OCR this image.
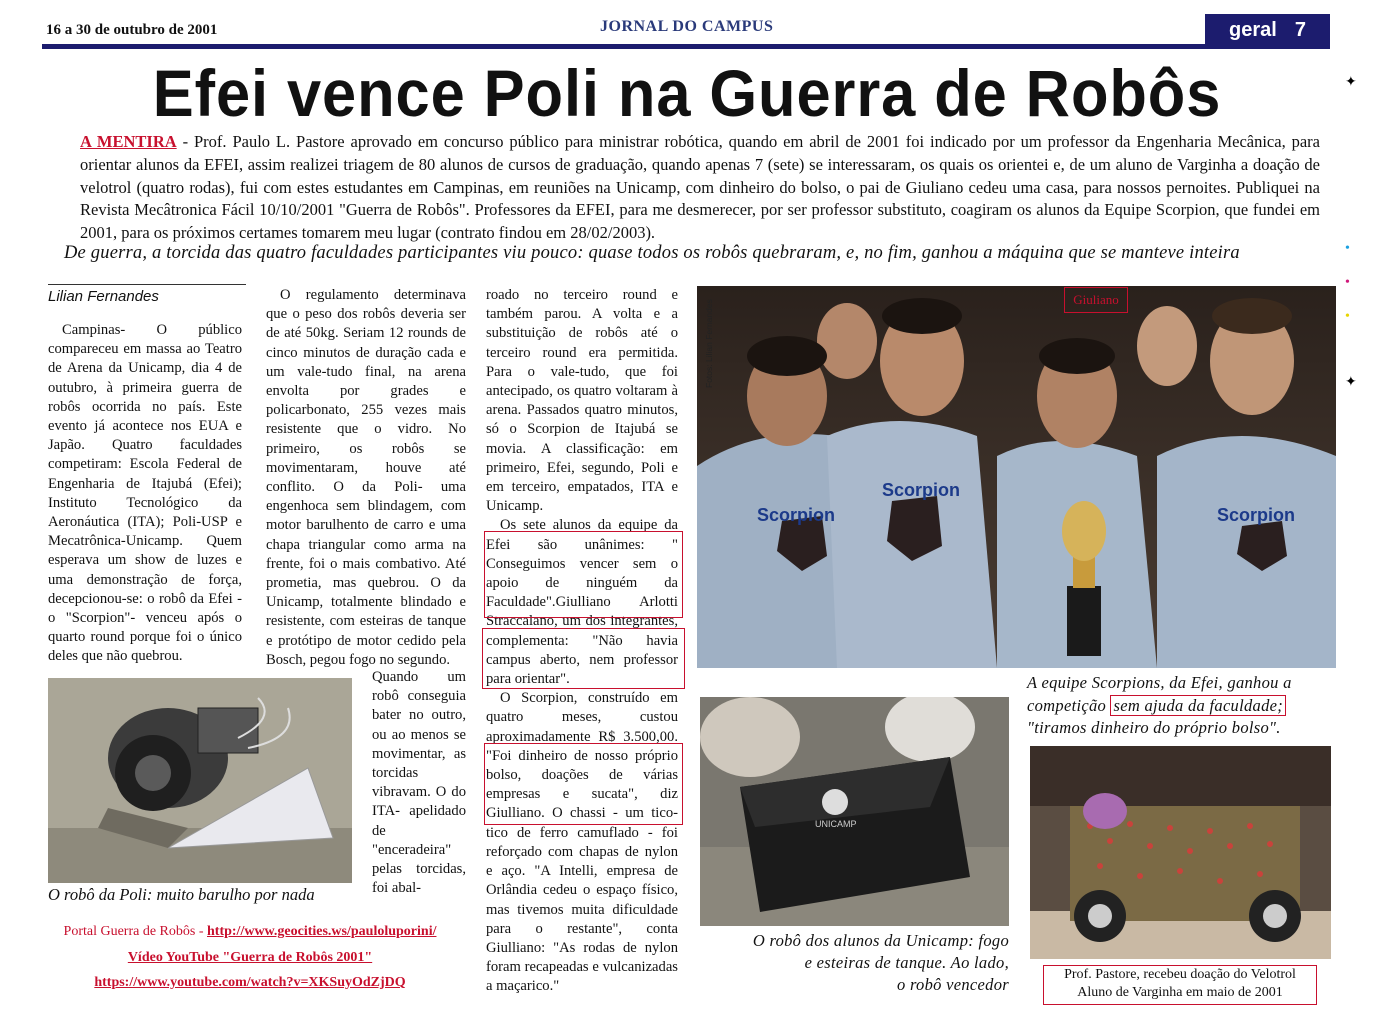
16 a 30 de outubro de 2001	JORNAL DO CAMPUS	geral 7
Efei vence Poli na Guerra de Robôs
A MENTIRA - Prof. Paulo L. Pastore aprovado em concurso público para ministrar robótica, quando em abril de 2001 foi indicado por um professor da Engenharia Mecânica, para orientar alunos da EFEI, assim realizei triagem de 80 alunos de cursos de graduação, quando apenas 7 (sete) se interessaram, os quais os orientei e, de um aluno de Varginha a doação de velotrol (quatro rodas), fui com estes estudantes em Campinas, em reuniões na Unicamp, com dinheiro do bolso, o pai de Giuliano cedeu uma casa, para nossos pernoites. Publiquei na Revista Mecâtronica Fácil 10/10/2001 "Guerra de Robôs". Professores da EFEI, para me desmerecer, por ser professor substituto, coagiram os alunos da Equipe Scorpion, que fundei em 2001, para os próximos certames tomarem meu lugar (contrato findou em 28/02/2003).
De guerra, a torcida das quatro faculdades participantes viu pouco: quase todos os robôs quebraram, e, no fim, ganhou a máquina que se manteve inteira
Lilian Fernandes
Campinas- O público compareceu em massa ao Teatro de Arena da Unicamp, dia 4 de outubro, à primeira guerra de robôs ocorrida no país. Este evento já acontece nos EUA e Japão. Quatro faculdades competiram: Escola Federal de Engenharia de Itajubá (Efei); Instituto Tecnológico da Aeronáutica (ITA); Poli-USP e Mecatrônica-Unicamp. Quem esperava um show de luzes e uma demonstração de força, decepcionou-se: o robô da Efei - o "Scorpion"- venceu após o quarto round porque foi o único deles que não quebrou.
O regulamento determinava que o peso dos robôs deveria ser de até 50kg. Seriam 12 rounds de cinco minutos de duração cada e um vale-tudo final, na arena envolta por grades e policarbonato, 255 vezes mais resistente que o vidro. No primeiro, os robôs se movimentaram, houve até conflito. O da Poli- uma engenhoca sem blindagem, com motor barulhento de carro e uma chapa triangular como arma na frente, foi o mais combativo. Até prometia, mas quebrou. O da Unicamp, totalmente blindado e resistente, com esteiras de tanque e protótipo de motor cedido pela Bosch, pegou fogo no segundo.
Quando um robô conseguia bater no outro, ou ao menos se movimentar, as torcidas vibravam. O do ITA- apelidado de "enceradeira" pelas torcidas, foi abal-

roado no terceiro round e também parou. A volta e a substituição de robôs até o terceiro round era permitida. Para o vale-tudo, que foi antecipado, os quatro voltaram à arena. Passados quatro minutos, só o Scorpion de Itajubá se movia. A classificação: em primeiro, Efei, segundo, Poli e em terceiro, empatados, ITA e Unicamp.

Os sete alunos da equipe da Efei são unânimes: " Conseguimos vencer sem o apoio de ninguém da Faculdade".Giulliano Arlotti Straccalano, um dos integrantes, complementa: "Não havia campus aberto, nem professor para orientar".

O Scorpion, construído em quatro meses, custou aproximadamente R$ 3.500,00. "Foi dinheiro de nosso próprio bolso, doações de várias empresas e sucata", diz Giulliano. O chassi - um tico-tico de ferro camuflado - foi reforçado com chapas de nylon e aço. "A Intelli, empresa de Orlândia cedeu o espaço físico, mas tivemos muita dificuldade para o restante", conta Giulliano: "As rodas de nylon foram recapeadas e vulcanizadas a maçarico."

O robô da Poli: muito barulho por nada
Portal Guerra de Robôs - http://www.geocities.ws/pauloluporini/
Vídeo YouTube "Guerra de Robôs 2001"
https://www.youtube.com/watch?v=XKSuyOdZjDQ
Scorpion
Scorpion
Scorpion
Fotos: Lilian Fernandes	Giuliano
A equipe Scorpions, da Efei, ganhou a
competição sem ajuda da faculdade;
"tiramos dinheiro do próprio bolso".
UNICAMP
O robô dos alunos da Unicamp: fogo
e esteiras de tanque. Ao lado,
o robô vencedor
Prof. Pastore, recebeu doação do Velotrol
Aluno de Varginha em maio de 2001
✦
•
•
•
✦
